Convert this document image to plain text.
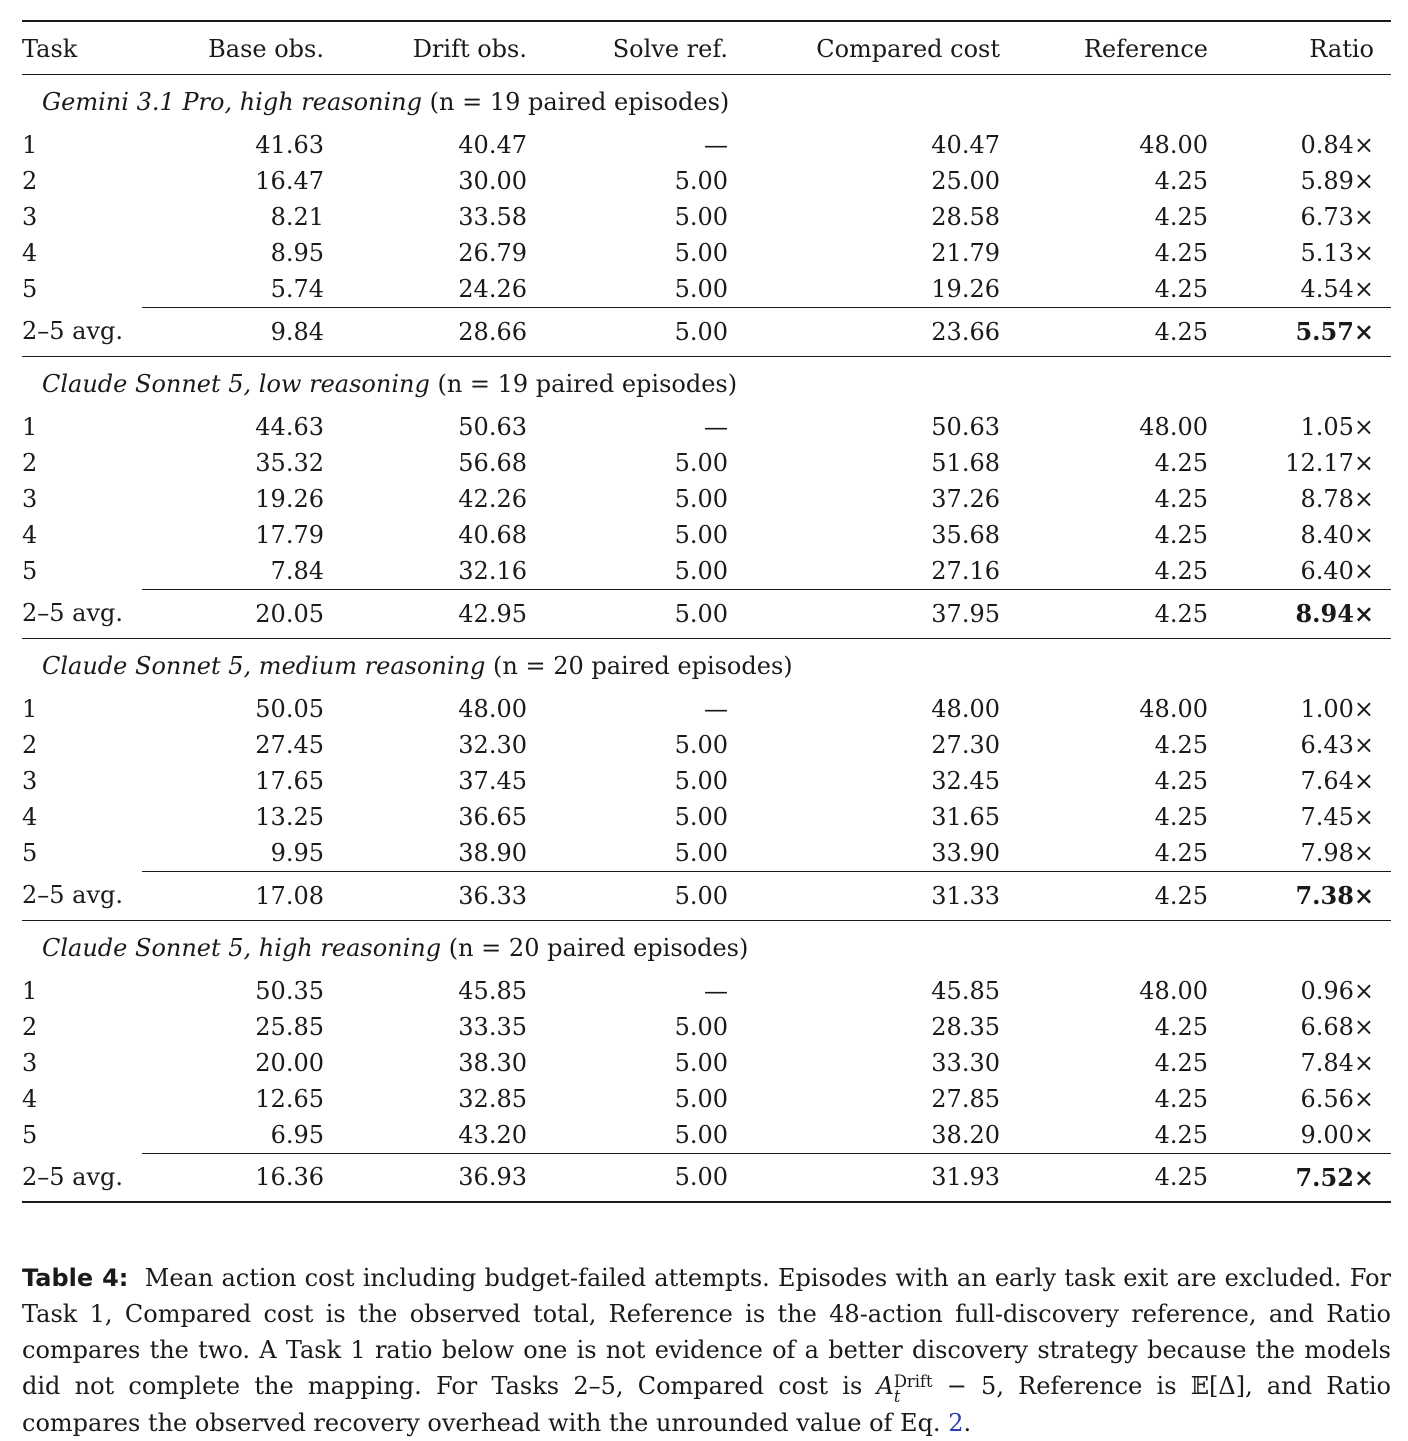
Task	Base obs.	Drift obs.	Solve ref.	Compared cost	Reference	Ratio
Gemini 3.1 Pro, high reasoning (n = 19 paired episodes)						
1	41.63	40.47	—	40.47	48.00	0.84×
2	16.47	30.00	5.00	25.00	4.25	5.89×
3	8.21	33.58	5.00	28.58	4.25	6.73×
4	8.95	26.79	5.00	21.79	4.25	5.13×
5	5.74	24.26	5.00	19.26	4.25	4.54×
2–5 avg.	9.84	28.66	5.00	23.66	4.25	5.57×
Claude Sonnet 5, low reasoning (n = 19 paired episodes)						
1	44.63	50.63	—	50.63	48.00	1.05×
2	35.32	56.68	5.00	51.68	4.25	12.17×
3	19.26	42.26	5.00	37.26	4.25	8.78×
4	17.79	40.68	5.00	35.68	4.25	8.40×
5	7.84	32.16	5.00	27.16	4.25	6.40×
2–5 avg.	20.05	42.95	5.00	37.95	4.25	8.94×
Claude Sonnet 5, medium reasoning (n = 20 paired episodes)						
1	50.05	48.00	—	48.00	48.00	1.00×
2	27.45	32.30	5.00	27.30	4.25	6.43×
3	17.65	37.45	5.00	32.45	4.25	7.64×
4	13.25	36.65	5.00	31.65	4.25	7.45×
5	9.95	38.90	5.00	33.90	4.25	7.98×
2–5 avg.	17.08	36.33	5.00	31.33	4.25	7.38×
Claude Sonnet 5, high reasoning (n = 20 paired episodes)						
1	50.35	45.85	—	45.85	48.00	0.96×
2	25.85	33.35	5.00	28.35	4.25	6.68×
3	20.00	38.30	5.00	33.30	4.25	7.84×
4	12.65	32.85	5.00	27.85	4.25	6.56×
5	6.95	43.20	5.00	38.20	4.25	9.00×
2–5 avg.	16.36	36.93	5.00	31.93	4.25	7.52×

Table 4: Mean action cost including budget-failed attempts. Episodes with an early task exit are excluded. For Task 1, Compared cost is the observed total, Reference is the 48-action full-discovery reference, and Ratio compares the two. A Task 1 ratio below one is not evidence of a better discovery strategy because the models did not complete the mapping. For Tasks 2–5, Compared cost is A Drift
t	− 5, Reference is 𝔼[Δ], and Ratio compares the observed recovery overhead with the unrounded value of Eq. 2.
